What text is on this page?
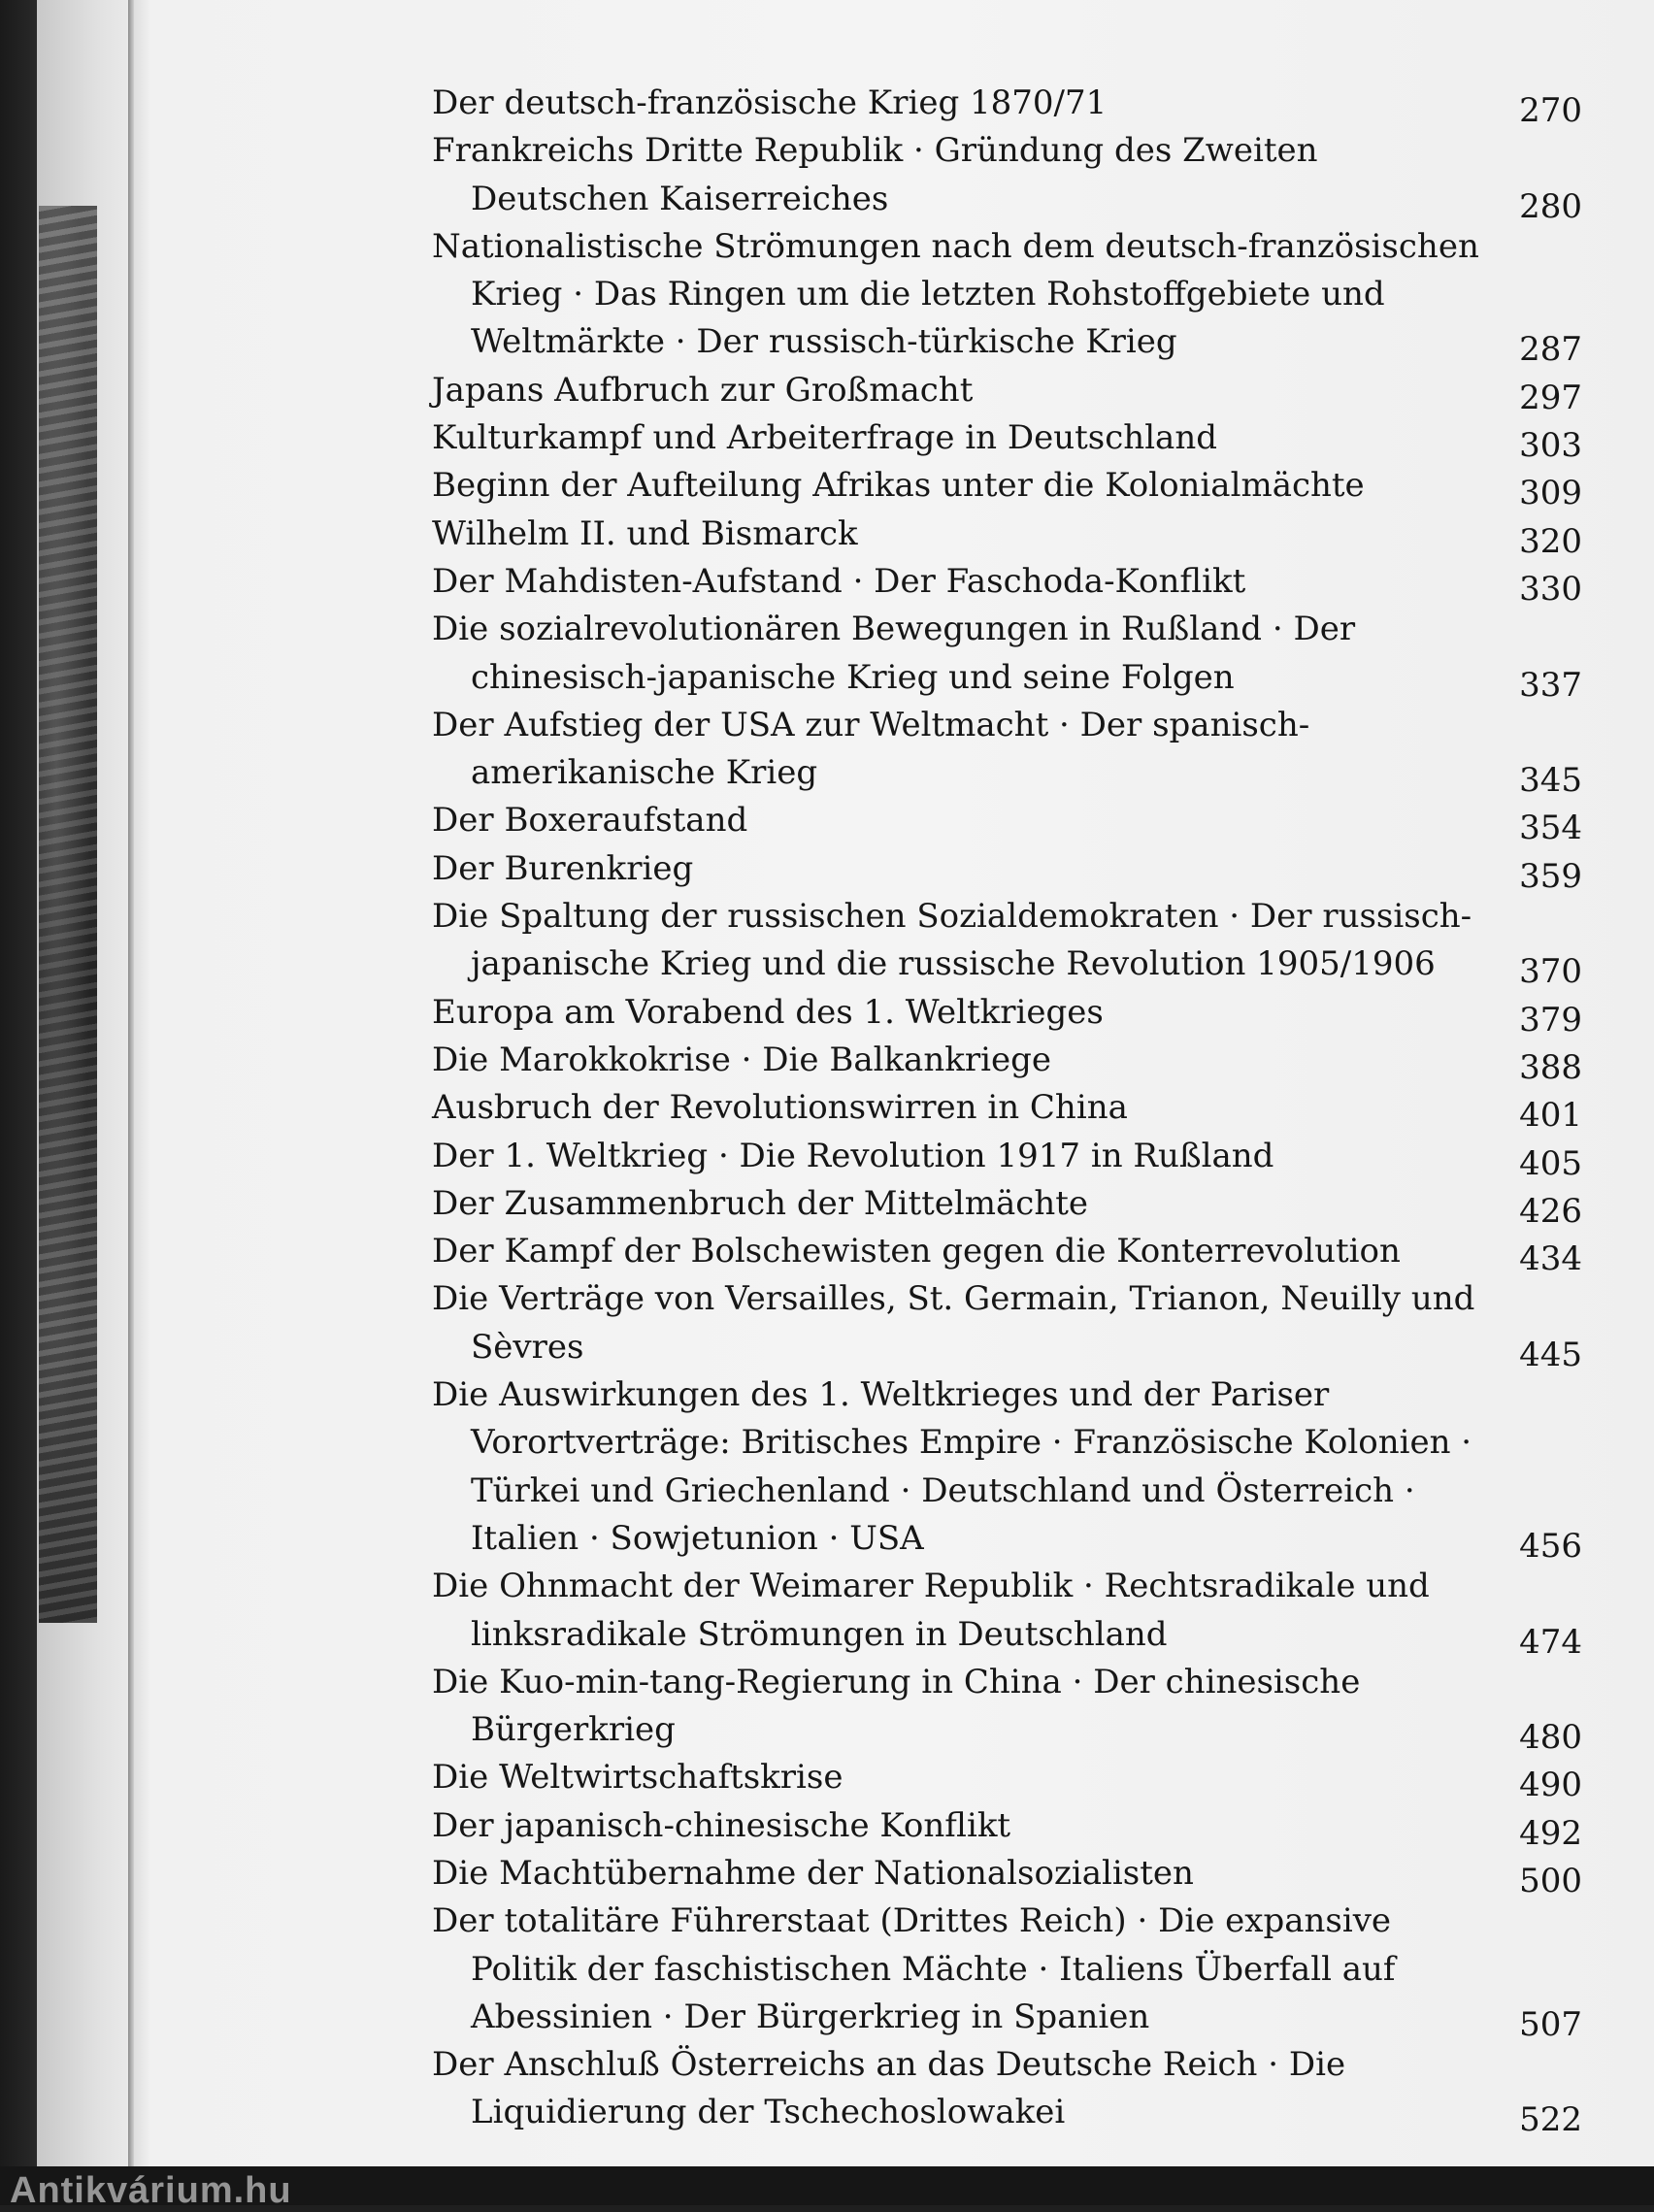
Der deutsch-französische Krieg 1870/71	270

Frankreichs Dritte Republik · Gründung des Zweiten Deutschen Kaiserreiches	280

Nationalistische Strömungen nach dem deutsch-französischen Krieg · Das Ringen um die letzten Rohstoffgebiete und Weltmärkte · Der russisch-türkische Krieg	287

Japans Aufbruch zur Großmacht	297

Kulturkampf und Arbeiterfrage in Deutschland	303

Beginn der Aufteilung Afrikas unter die Kolonialmächte	309

Wilhelm II. und Bismarck	320

Der Mahdisten-Aufstand · Der Faschoda-Konflikt	330

Die sozialrevolutionären Bewegungen in Rußland · Der chinesisch-japanische Krieg und seine Folgen	337

Der Aufstieg der USA zur Weltmacht · Der spanisch-amerikanische Krieg	345

Der Boxeraufstand	354

Der Burenkrieg	359

Die Spaltung der russischen Sozialdemokraten · Der russisch-japanische Krieg und die russische Revolution 1905/1906	370

Europa am Vorabend des 1. Weltkrieges	379

Die Marokkokrise · Die Balkankriege	388

Ausbruch der Revolutionswirren in China	401

Der 1. Weltkrieg · Die Revolution 1917 in Rußland	405

Der Zusammenbruch der Mittelmächte	426

Der Kampf der Bolschewisten gegen die Konterrevolution	434

Die Verträge von Versailles, St. Germain, Trianon, Neuilly und Sèvres	445

Die Auswirkungen des 1. Weltkrieges und der Pariser Vorortverträge: Britisches Empire · Französische Kolonien · Türkei und Griechenland · Deutschland und Österreich · Italien · Sowjetunion · USA	456

Die Ohnmacht der Weimarer Republik · Rechtsradikale und linksradikale Strömungen in Deutschland	474

Die Kuo-min-tang-Regierung in China · Der chinesische Bürgerkrieg	480

Die Weltwirtschaftskrise	490

Der japanisch-chinesische Konflikt	492

Die Machtübernahme der Nationalsozialisten	500

Der totalitäre Führerstaat (Drittes Reich) · Die expansive Politik der faschistischen Mächte · Italiens Überfall auf Abessinien · Der Bürgerkrieg in Spanien	507

Der Anschluß Österreichs an das Deutsche Reich · Die Liquidierung der Tschechoslowakei	522
Antikvárium.hu
